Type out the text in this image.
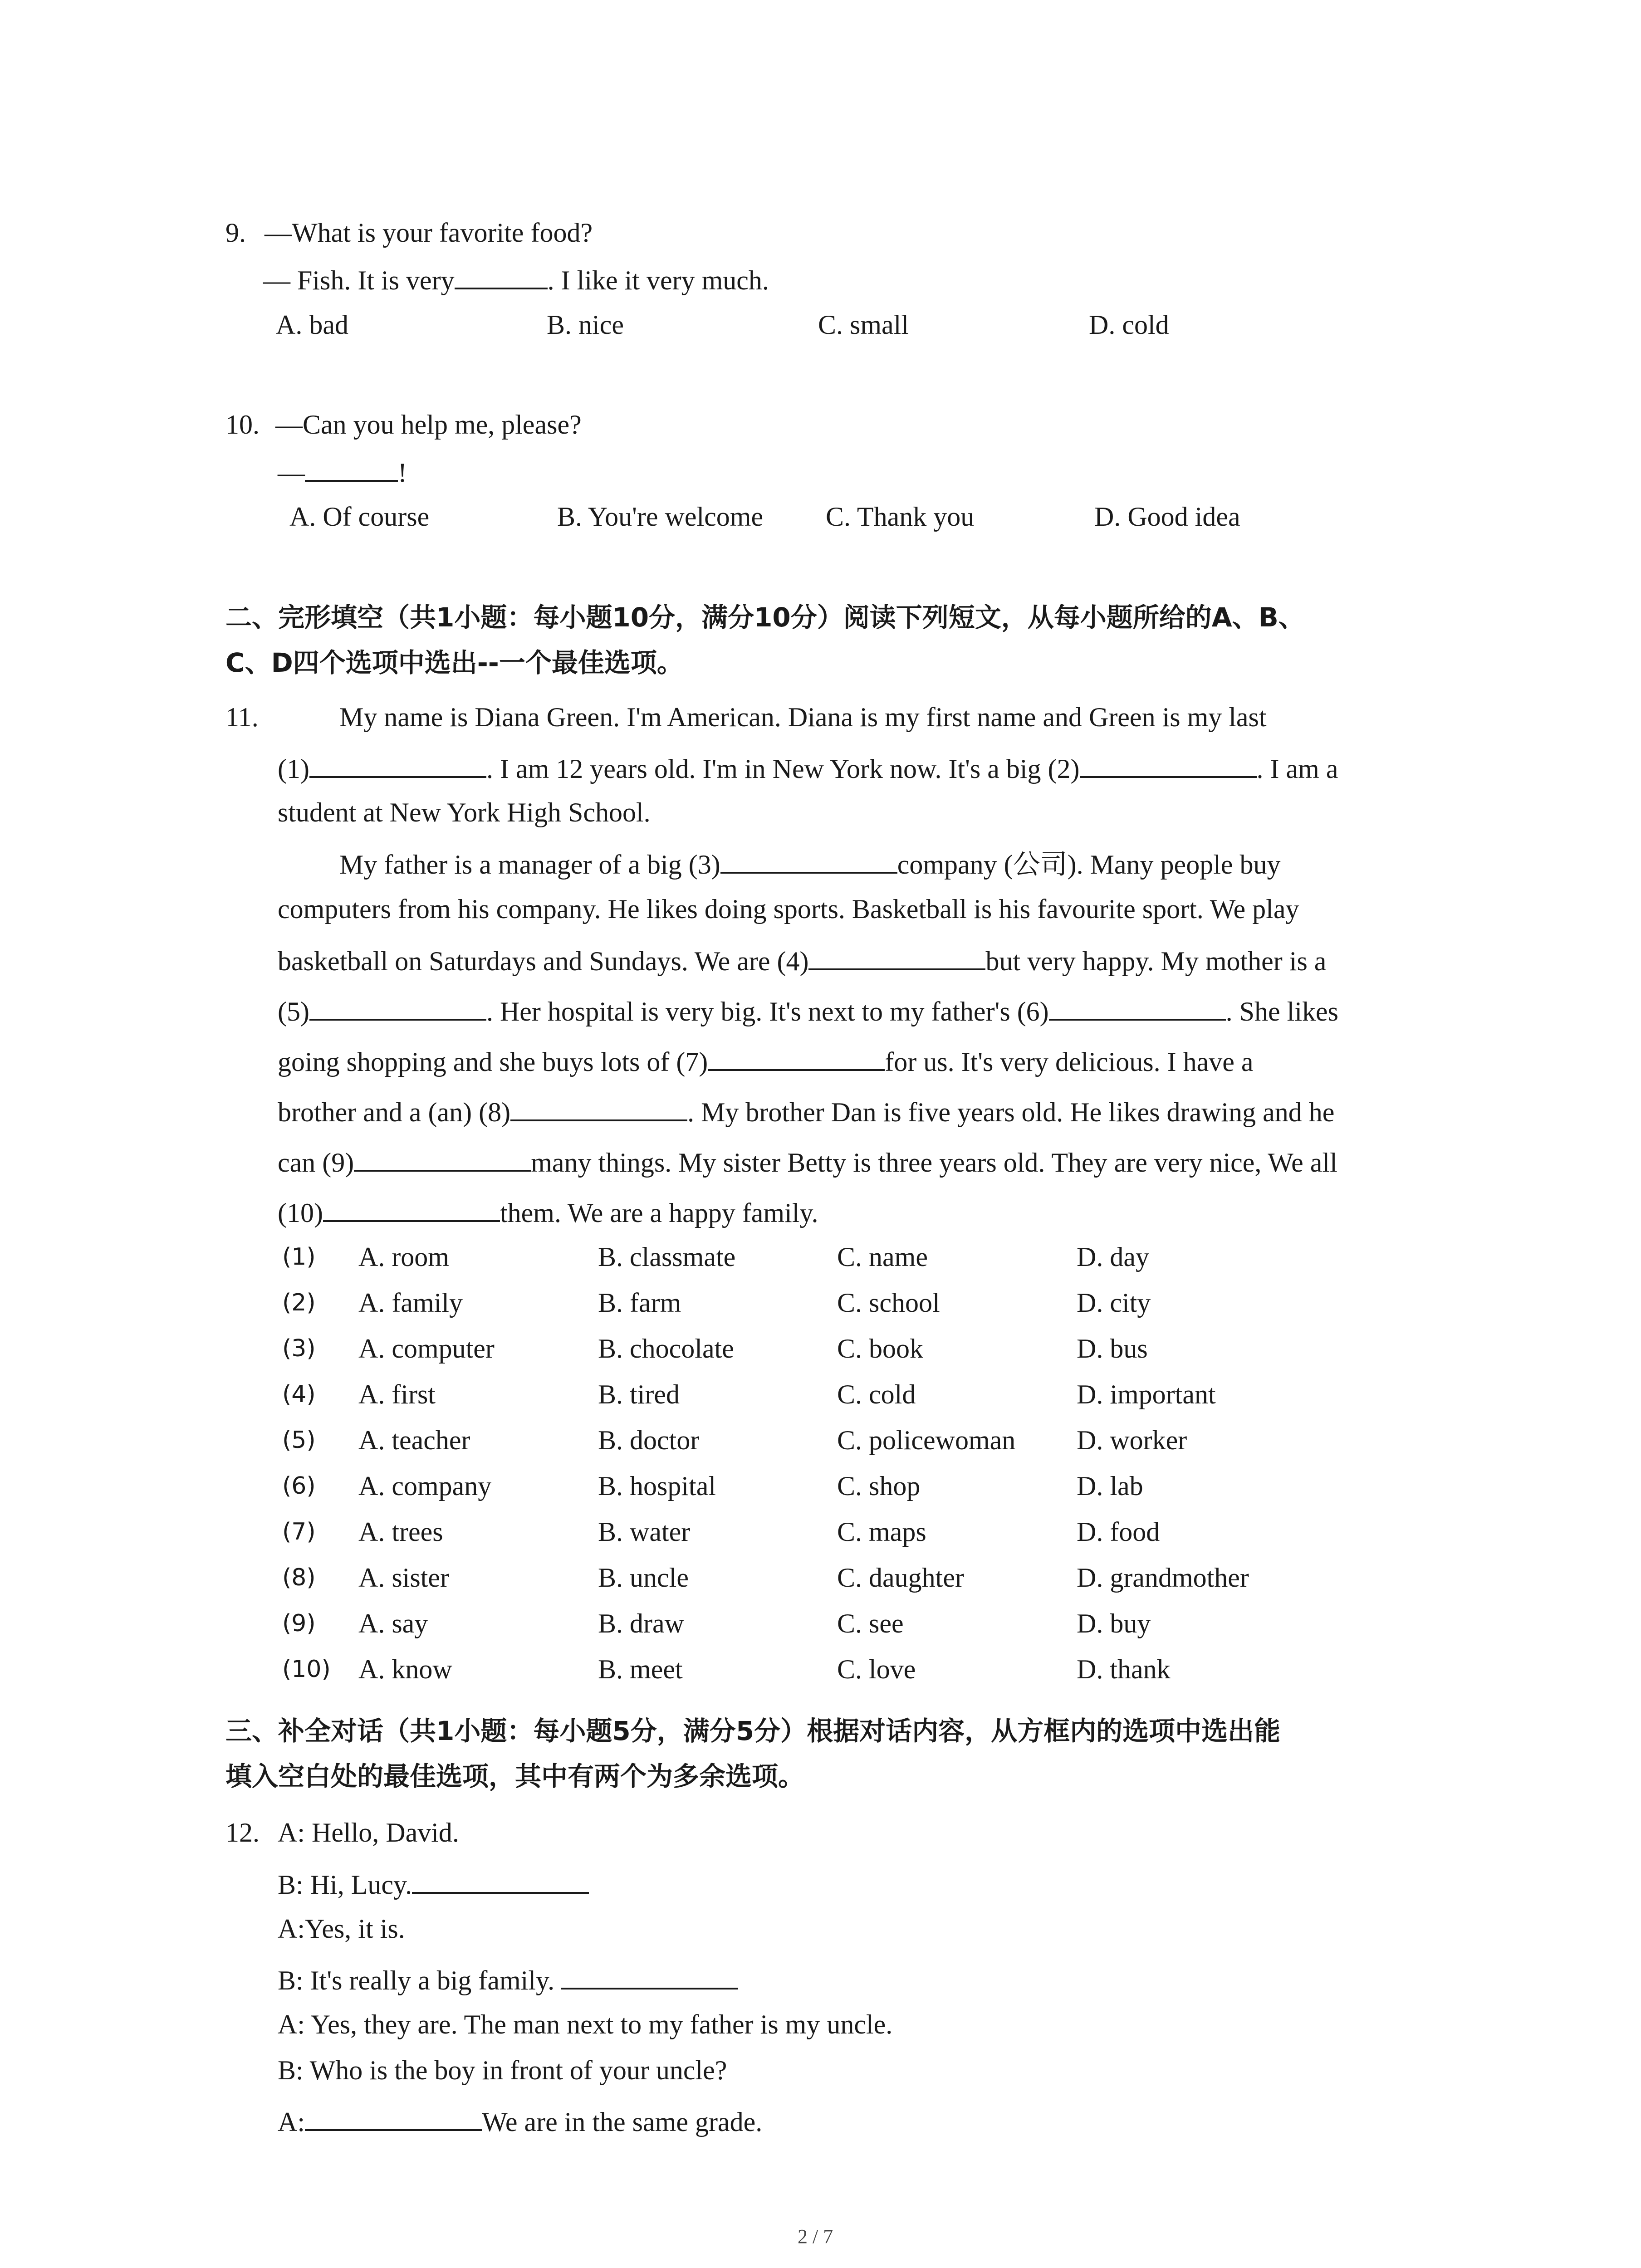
9. —What is your favorite food?
— Fish. It is very	. I like it very much.
A. bad	B. nice	C. small	D. cold
10. —Can you help me, please?
—	!
A. Of course	B. You're welcome C. Thank you	D. Good idea
二、完形填空（共1小题：每小题10分，满分10分）阅读下列短文，从每小题所给的A、B、
C、D四个选项中选出--一个最佳选项。
11.	My name is Diana Green. I'm American. Diana is my first name and Green is my last
(1)	. I am 12 years old. I'm in New York now. It's a big (2)	. I am a
student at New York High School.
My father is a manager of a big (3)	company (公司). Many people buy
computers from his company. He likes doing sports. Basketball is his favourite sport. We play
basketball on Saturdays and Sundays. We are (4)	but very happy. My mother is a
(5)	. Her hospital is very big. It's next to my father's (6)	. She likes
going shopping and she buys lots of (7)	for us. It's very delicious. I have a
brother and a (an) (8)	. My brother Dan is five years old. He likes drawing and he
can (9)	many things. My sister Betty is three years old. They are very nice, We all
(10)	them. We are a happy family.
(1) A. room	B. classmate	C. name	D. day
(2) A. family	B. farm	C. school	D. city
(3) A. computer	B. chocolate	C. book	D. bus
(4) A. first	B. tired	C. cold	D. important
(5) A. teacher	B. doctor	C. policewoman D. worker
(6) A. company	B. hospital	C. shop	D. lab
(7) A. trees	B. water	C. maps	D. food
(8) A. sister	B. uncle	C. daughter	D. grandmother
(9) A. say	B. draw	C. see	D. buy
(10) A. know	B. meet	C. love	D. thank
三、补全对话（共1小题：每小题5分，满分5分）根据对话内容，从方框内的选项中选出能
填入空白处的最佳选项，其中有两个为多余选项。
12. A: Hello, David.
B: Hi, Lucy.
A:Yes, it is.
B: It's really a big family.
A: Yes, they are. The man next to my father is my uncle.
B: Who is the boy in front of your uncle?
A:	We are in the same grade.
2 / 7
